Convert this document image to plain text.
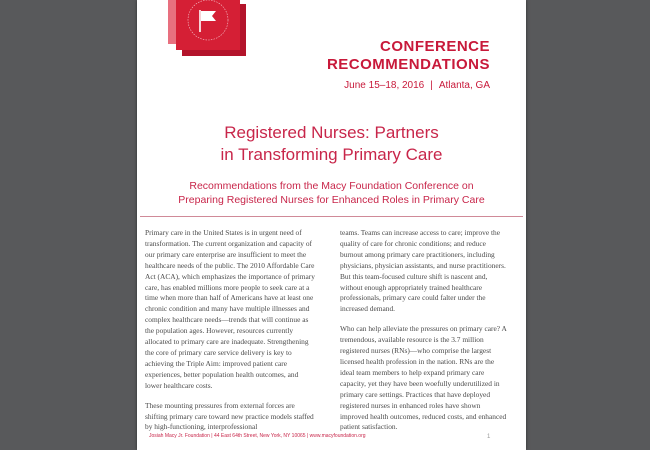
CONFERENCE
RECOMMENDATIONS
June 15–18, 2016 | Atlanta, GA
Registered Nurses: Partners
in Transforming Primary Care
Recommendations from the Macy Foundation Conference on
Preparing Registered Nurses for Enhanced Roles in Primary Care

Primary care in the United States is in urgent need of transformation. The current organization and capacity of our primary care enterprise are insufficient to meet the healthcare needs of the public. The 2010 Affordable Care Act (ACA), which emphasizes the importance of primary care, has enabled millions more people to seek care at a time when more than half of Americans have at least one chronic condition and many have multiple illnesses and complex healthcare needs—trends that will continue as the population ages. However, resources currently allocated to primary care are inadequate. Strengthening the core of primary care service delivery is key to achieving the Triple Aim: improved patient care experiences, better population health outcomes, and lower healthcare costs.

These mounting pressures from external forces are shifting primary care toward new practice models staffed by high-functioning, interprofessional

teams. Teams can increase access to care; improve the quality of care for chronic conditions; and reduce burnout among primary care practitioners, including physicians, physician assistants, and nurse practitioners. But this team-focused culture shift is nascent and, without enough appropriately trained healthcare professionals, primary care could falter under the increased demand.

Who can help alleviate the pressures on primary care? A tremendous, available resource is the 3.7 million registered nurses (RNs)—who comprise the largest licensed health profession in the nation. RNs are the ideal team members to help expand primary care capacity, yet they have been woefully underutilized in primary care settings. Practices that have deployed registered nurses in enhanced roles have shown improved health outcomes, reduced costs, and enhanced patient satisfaction.

Josiah Macy Jr. Foundation | 44 East 64th Street, New York, NY 10065 | www.macyfoundation.org	1
